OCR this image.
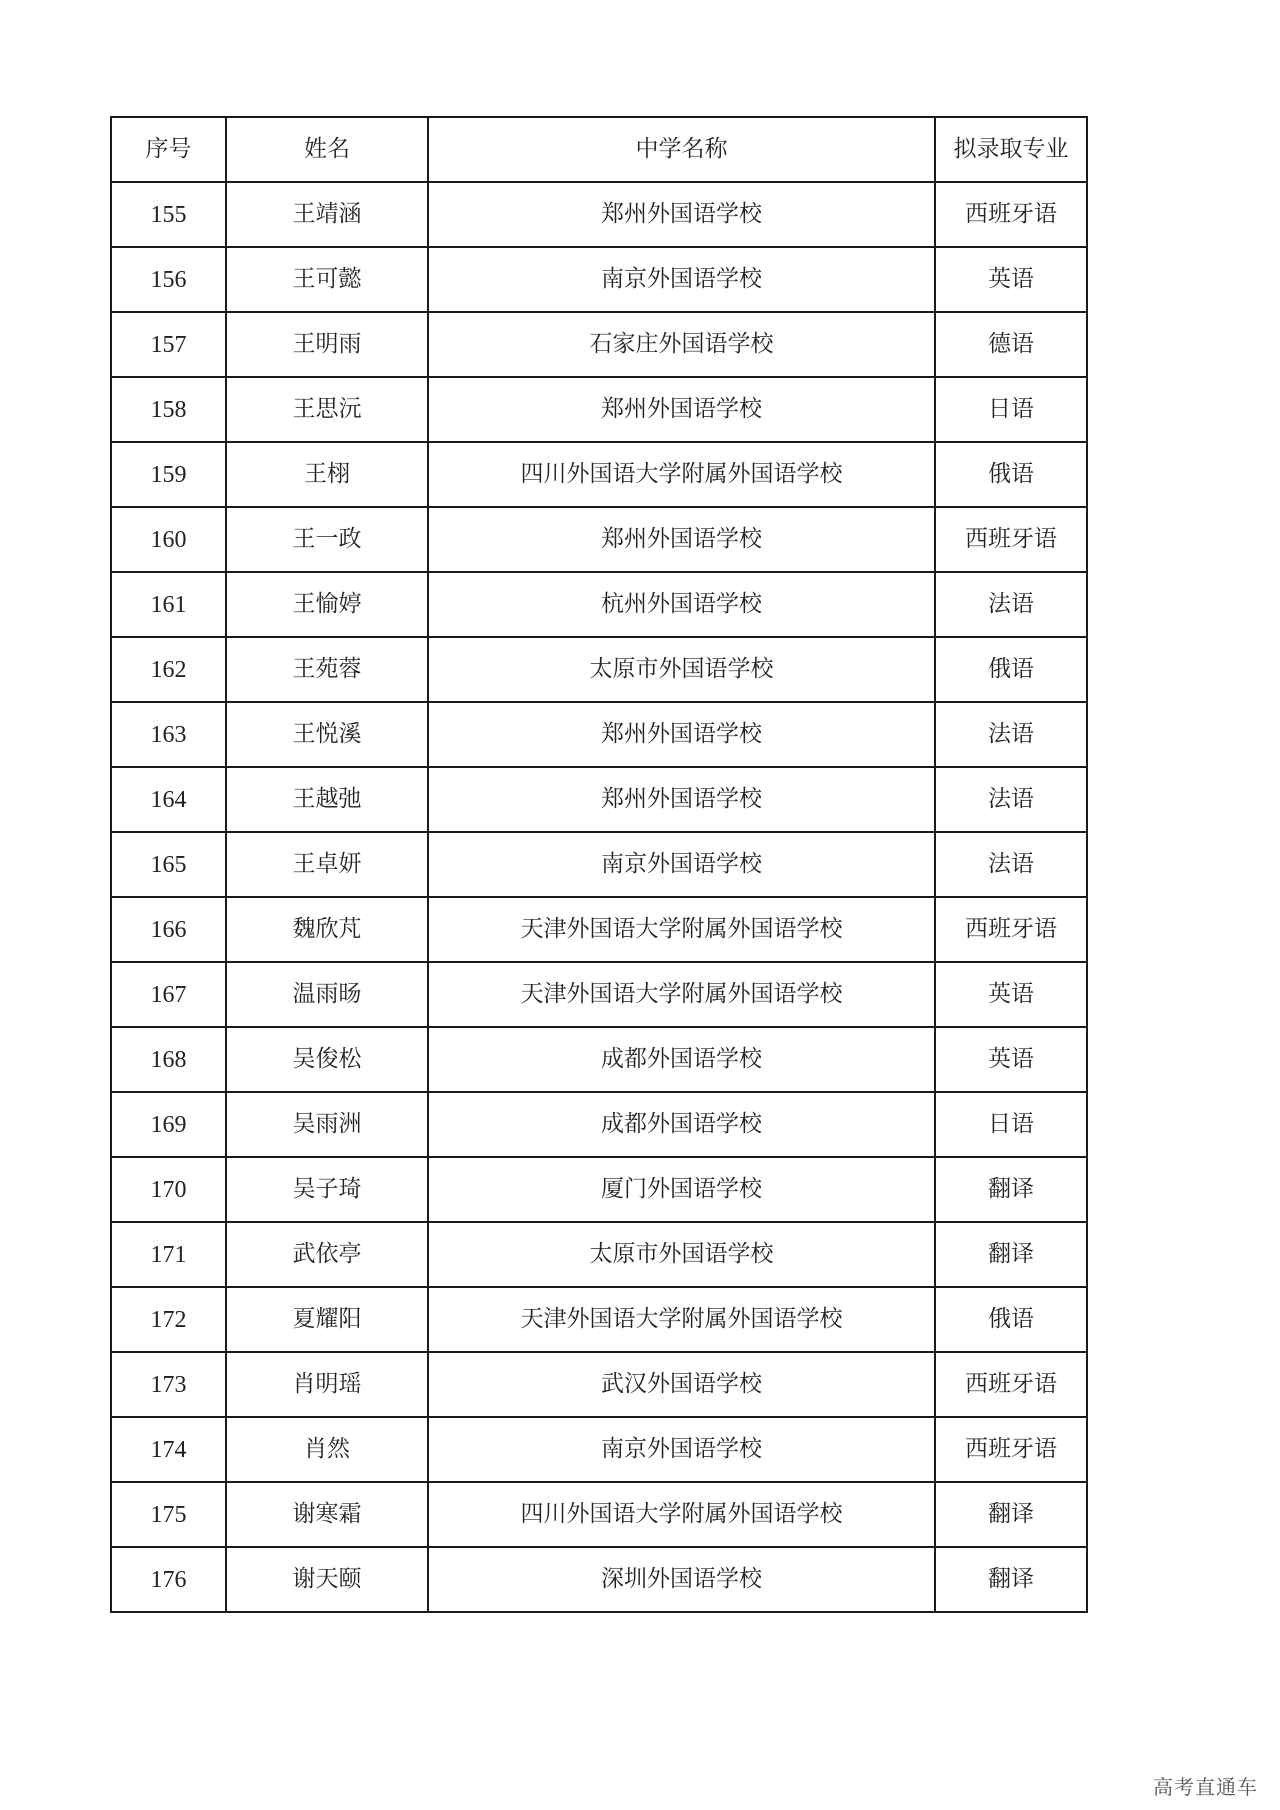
序号	姓名	中学名称	拟录取专业
155	王靖涵	郑州外国语学校	西班牙语
156	王可懿	南京外国语学校	英语
157	王明雨	石家庄外国语学校	德语
158	王思沅	郑州外国语学校	日语
159	王栩	四川外国语大学附属外国语学校	俄语
160	王一政	郑州外国语学校	西班牙语
161	王愉婷	杭州外国语学校	法语
162	王苑蓉	太原市外国语学校	俄语
163	王悦溪	郑州外国语学校	法语
164	王越弛	郑州外国语学校	法语
165	王卓妍	南京外国语学校	法语
166	魏欣芃	天津外国语大学附属外国语学校	西班牙语
167	温雨旸	天津外国语大学附属外国语学校	英语
168	吴俊松	成都外国语学校	英语
169	吴雨洲	成都外国语学校	日语
170	吴子琦	厦门外国语学校	翻译
171	武依亭	太原市外国语学校	翻译
172	夏耀阳	天津外国语大学附属外国语学校	俄语
173	肖明瑶	武汉外国语学校	西班牙语
174	肖然	南京外国语学校	西班牙语
175	谢寒霜	四川外国语大学附属外国语学校	翻译
176	谢天颐	深圳外国语学校	翻译
高考直通车
